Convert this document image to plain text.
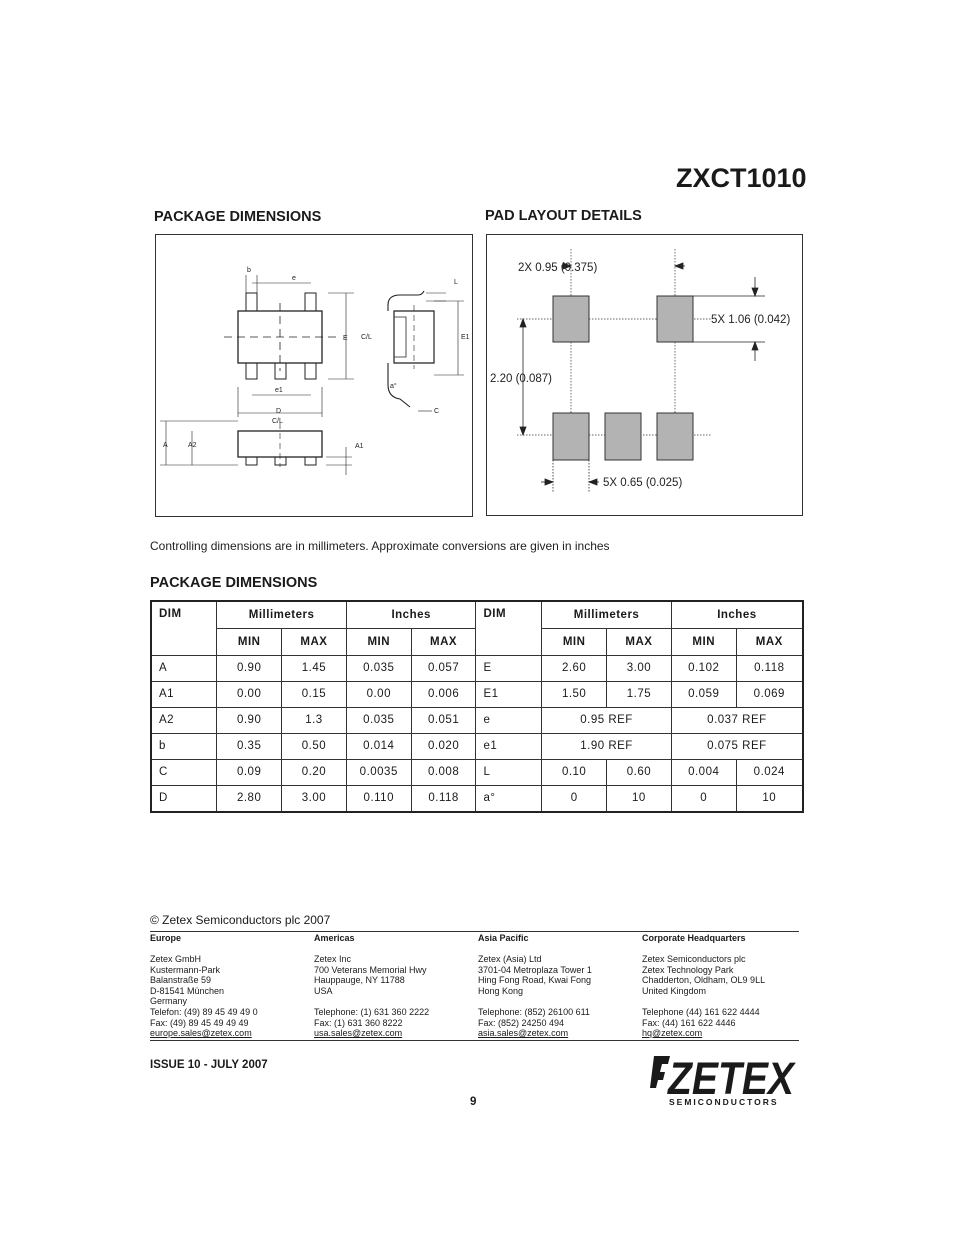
ZXCT1010
PACKAGE DIMENSIONS
b
e
L
E C/L	E1
e1
D
a°
C
C/L
A	A2	A1
PAD LAYOUT DETAILS
2X 0.95 (0.375)
5X 1.06 (0.042)
2.20 (0.087)
5X 0.65 (0.025)
Controlling dimensions are in millimeters. Approximate conversions are given in inches
PACKAGE DIMENSIONS
DIM	Millimeters		Inches		DIM	Millimeters		Inches	
	MIN	MAX	MIN	MAX		MIN	MAX	MIN	MAX
A	0.90	1.45	0.035	0.057	E	2.60	3.00	0.102	0.118
A1	0.00	0.15	0.00	0.006	E1	1.50	1.75	0.059	0.069
A2	0.90	1.3	0.035	0.051	e	0.95 REF		0.037 REF	
b	0.35	0.50	0.014	0.020	e1	1.90 REF		0.075 REF	
C	0.09	0.20	0.0035	0.008	L	0.10	0.60	0.004	0.024
D	2.80	3.00	0.110	0.118	a°	0	10	0	10
© Zetex Semiconductors plc 2007
Europe
Zetex GmbH
Kustermann-Park
Balanstraße 59
D-81541 München
Germany
Telefon: (49) 89 45 49 49 0
Fax: (49) 89 45 49 49 49
europe.sales@zetex.com
Americas
Zetex Inc
700 Veterans Memorial Hwy
Hauppauge, NY 11788
USA
Telephone: (1) 631 360 2222
Fax: (1) 631 360 8222
usa.sales@zetex.com
Asia Pacific
Zetex (Asia) Ltd
3701-04 Metroplaza Tower 1
Hing Fong Road, Kwai Fong
Hong Kong
Telephone: (852) 26100 611
Fax: (852) 24250 494
asia.sales@zetex.com
Corporate Headquarters
Zetex Semiconductors plc
Zetex Technology Park
Chadderton, Oldham, OL9 9LL
United Kingdom
Telephone (44) 161 622 4444
Fax: (44) 161 622 4446
hq@zetex.com
ISSUE 10 - JULY 2007
9	ZETEX
SEMICONDUCTORS
